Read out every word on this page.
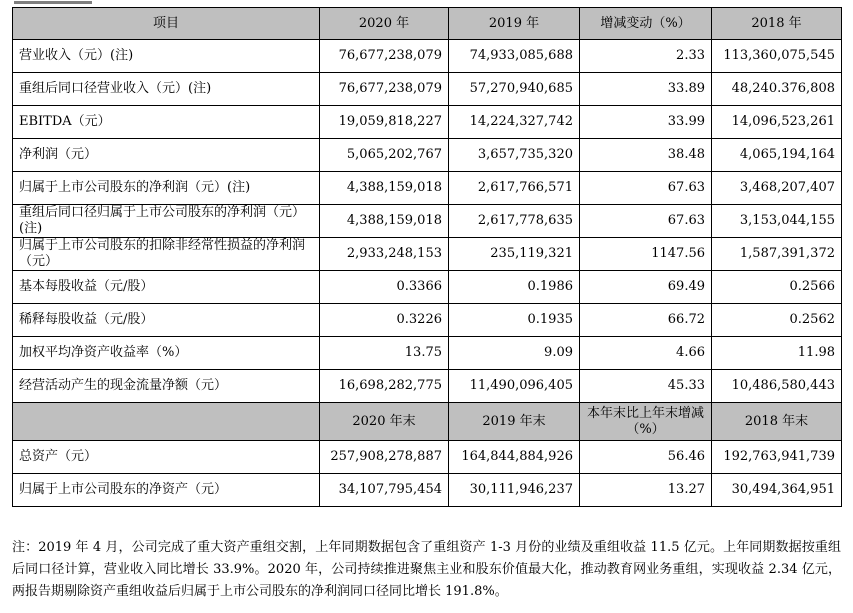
项目	2020 年	2019 年	增减变动（%）	2018 年
营业收入（元）(注)	76,677,238,079	74,933,085,688	2.33	113,360,075,545
重组后同口径营业收入（元）(注)	76,677,238,079	57,270,940,685	33.89	48,240.376,808
EBITDA（元）	19,059,818,227	14,224,327,742	33.99	14,096,523,261
净利润（元）	5,065,202,767	3,657,735,320	38.48	4,065,194,164
归属于上市公司股东的净利润（元）(注)	4,388,159,018	2,617,766,571	67.63	3,468,207,407
重组后同口径归属于上市公司股东的净利润（元）(注)	4,388,159,018	2,617,778,635	67.63	3,153,044,155
归属于上市公司股东的扣除非经常性损益的净利润（元）	2,933,248,153	235,119,321	1147.56	1,587,391,372
基本每股收益（元/股）	0.3366	0.1986	69.49	0.2566
稀释每股收益（元/股）	0.3226	0.1935	66.72	0.2562
加权平均净资产收益率（%）	13.75	9.09	4.66	11.98
经营活动产生的现金流量净额（元）	16,698,282,775	11,490,096,405	45.33	10,486,580,443
	2020 年末	2019 年末	本年末比上年末增减（%）	2018 年末
总资产（元）	257,908,278,887	164,844,884,926	56.46	192,763,941,739
归属于上市公司股东的净资产（元）	34,107,795,454	30,111,946,237	13.27	30,494,364,951
注：2019 年 4 月，公司完成了重大资产重组交割，上年同期数据包含了重组资产 1-3 月份的业绩及重组收益 11.5 亿元。上年同期数据按重组后同口径计算，营业收入同比增长 33.9%。2020 年，公司持续推进聚焦主业和股东价值最大化，推动教育网业务重组，实现收益 2.34 亿元，两报告期剔除资产重组收益后归属于上市公司股东的净利润同口径同比增长 191.8%。
